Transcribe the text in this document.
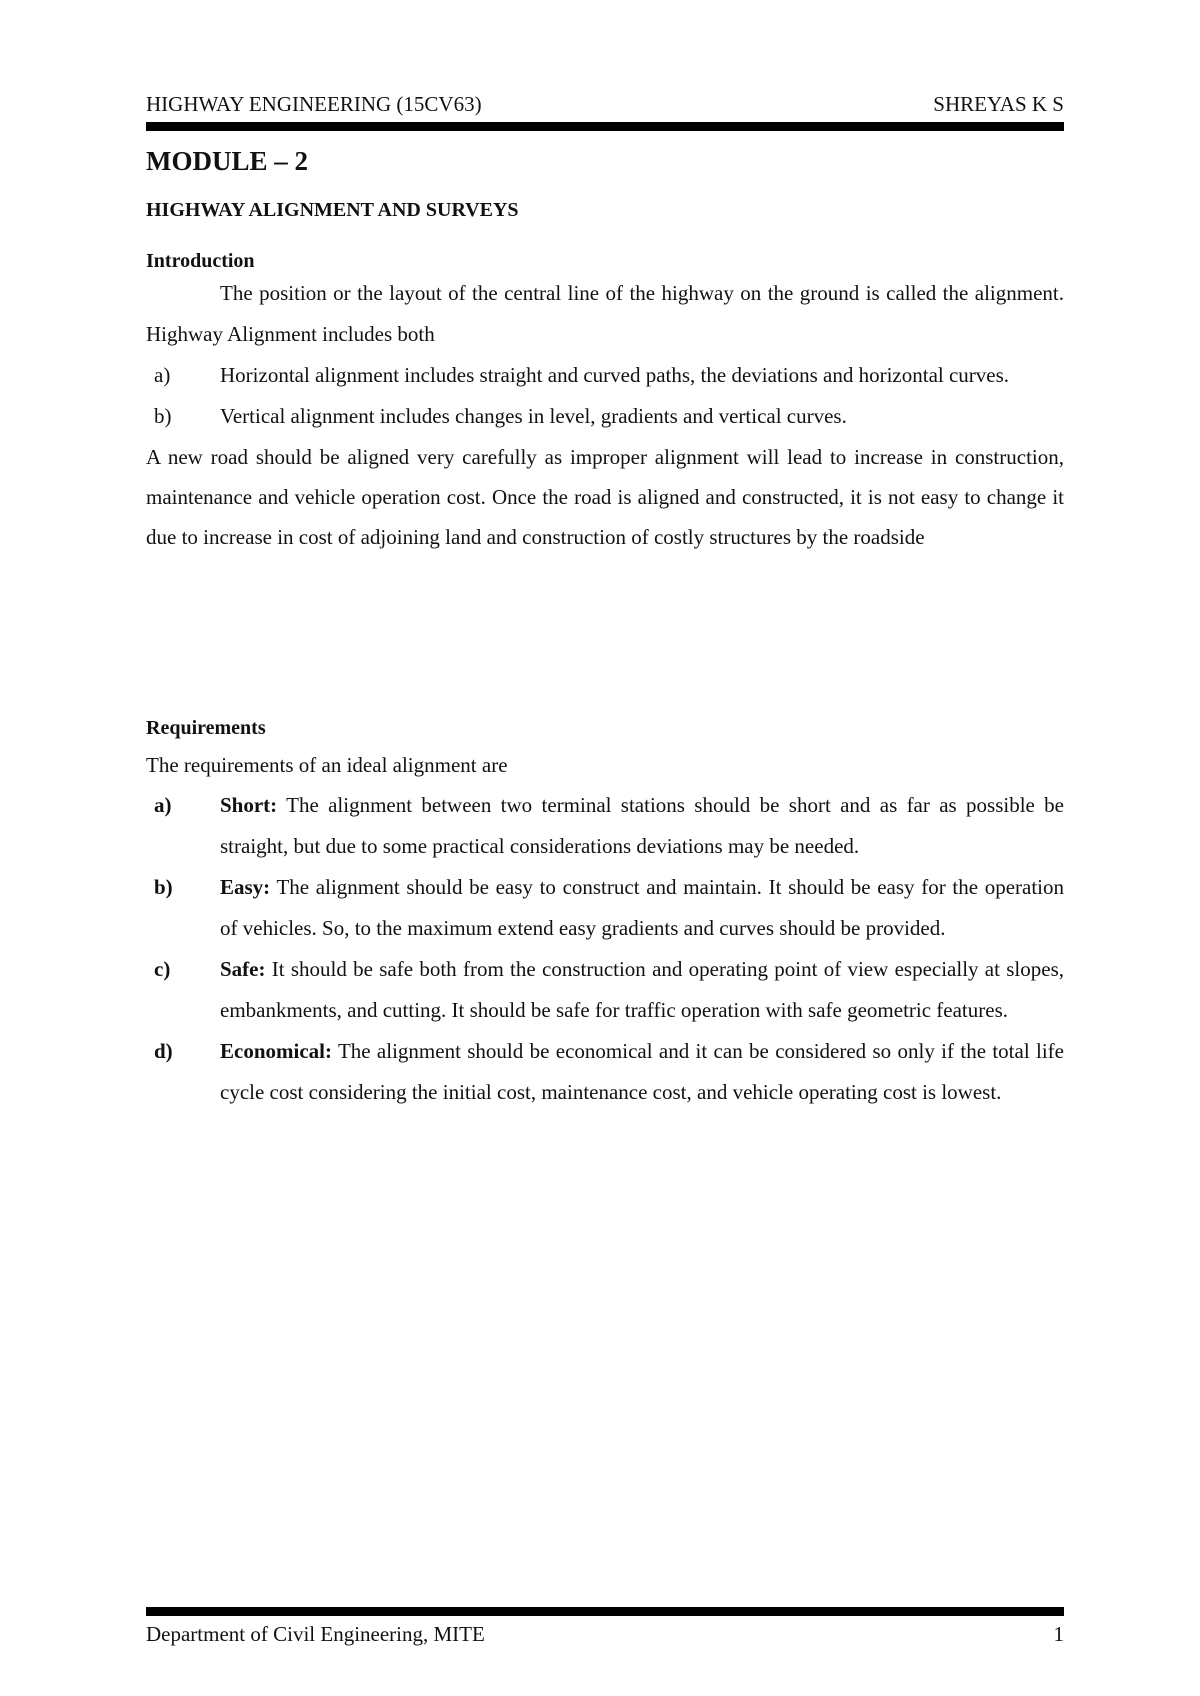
HIGHWAY ENGINEERING (15CV63)	SHREYAS K S
MODULE – 2
HIGHWAY ALIGNMENT AND SURVEYS
Introduction

The position or the layout of the central line of the highway on the ground is called the alignment. Highway Alignment includes both

a)	Horizontal alignment includes straight and curved paths, the deviations and horizontal curves.
b)	Vertical alignment includes changes in level, gradients and vertical curves.

A new road should be aligned very carefully as improper alignment will lead to increase in construction, maintenance and vehicle operation cost. Once the road is aligned and constructed, it is not easy to change it due to increase in cost of adjoining land and construction of costly structures by the roadside

Requirements

The requirements of an ideal alignment are

a)	Short: The alignment between two terminal stations should be short and as far as possible be straight, but due to some practical considerations deviations may be needed.
b)	Easy: The alignment should be easy to construct and maintain. It should be easy for the operation of vehicles. So, to the maximum extend easy gradients and curves should be provided.
c)	Safe: It should be safe both from the construction and operating point of view especially at slopes, embankments, and cutting. It should be safe for traffic operation with safe geometric features.
d)	Economical: The alignment should be economical and it can be considered so only if the total life cycle cost considering the initial cost, maintenance cost, and vehicle operating cost is lowest.
Department of Civil Engineering, MITE	1
